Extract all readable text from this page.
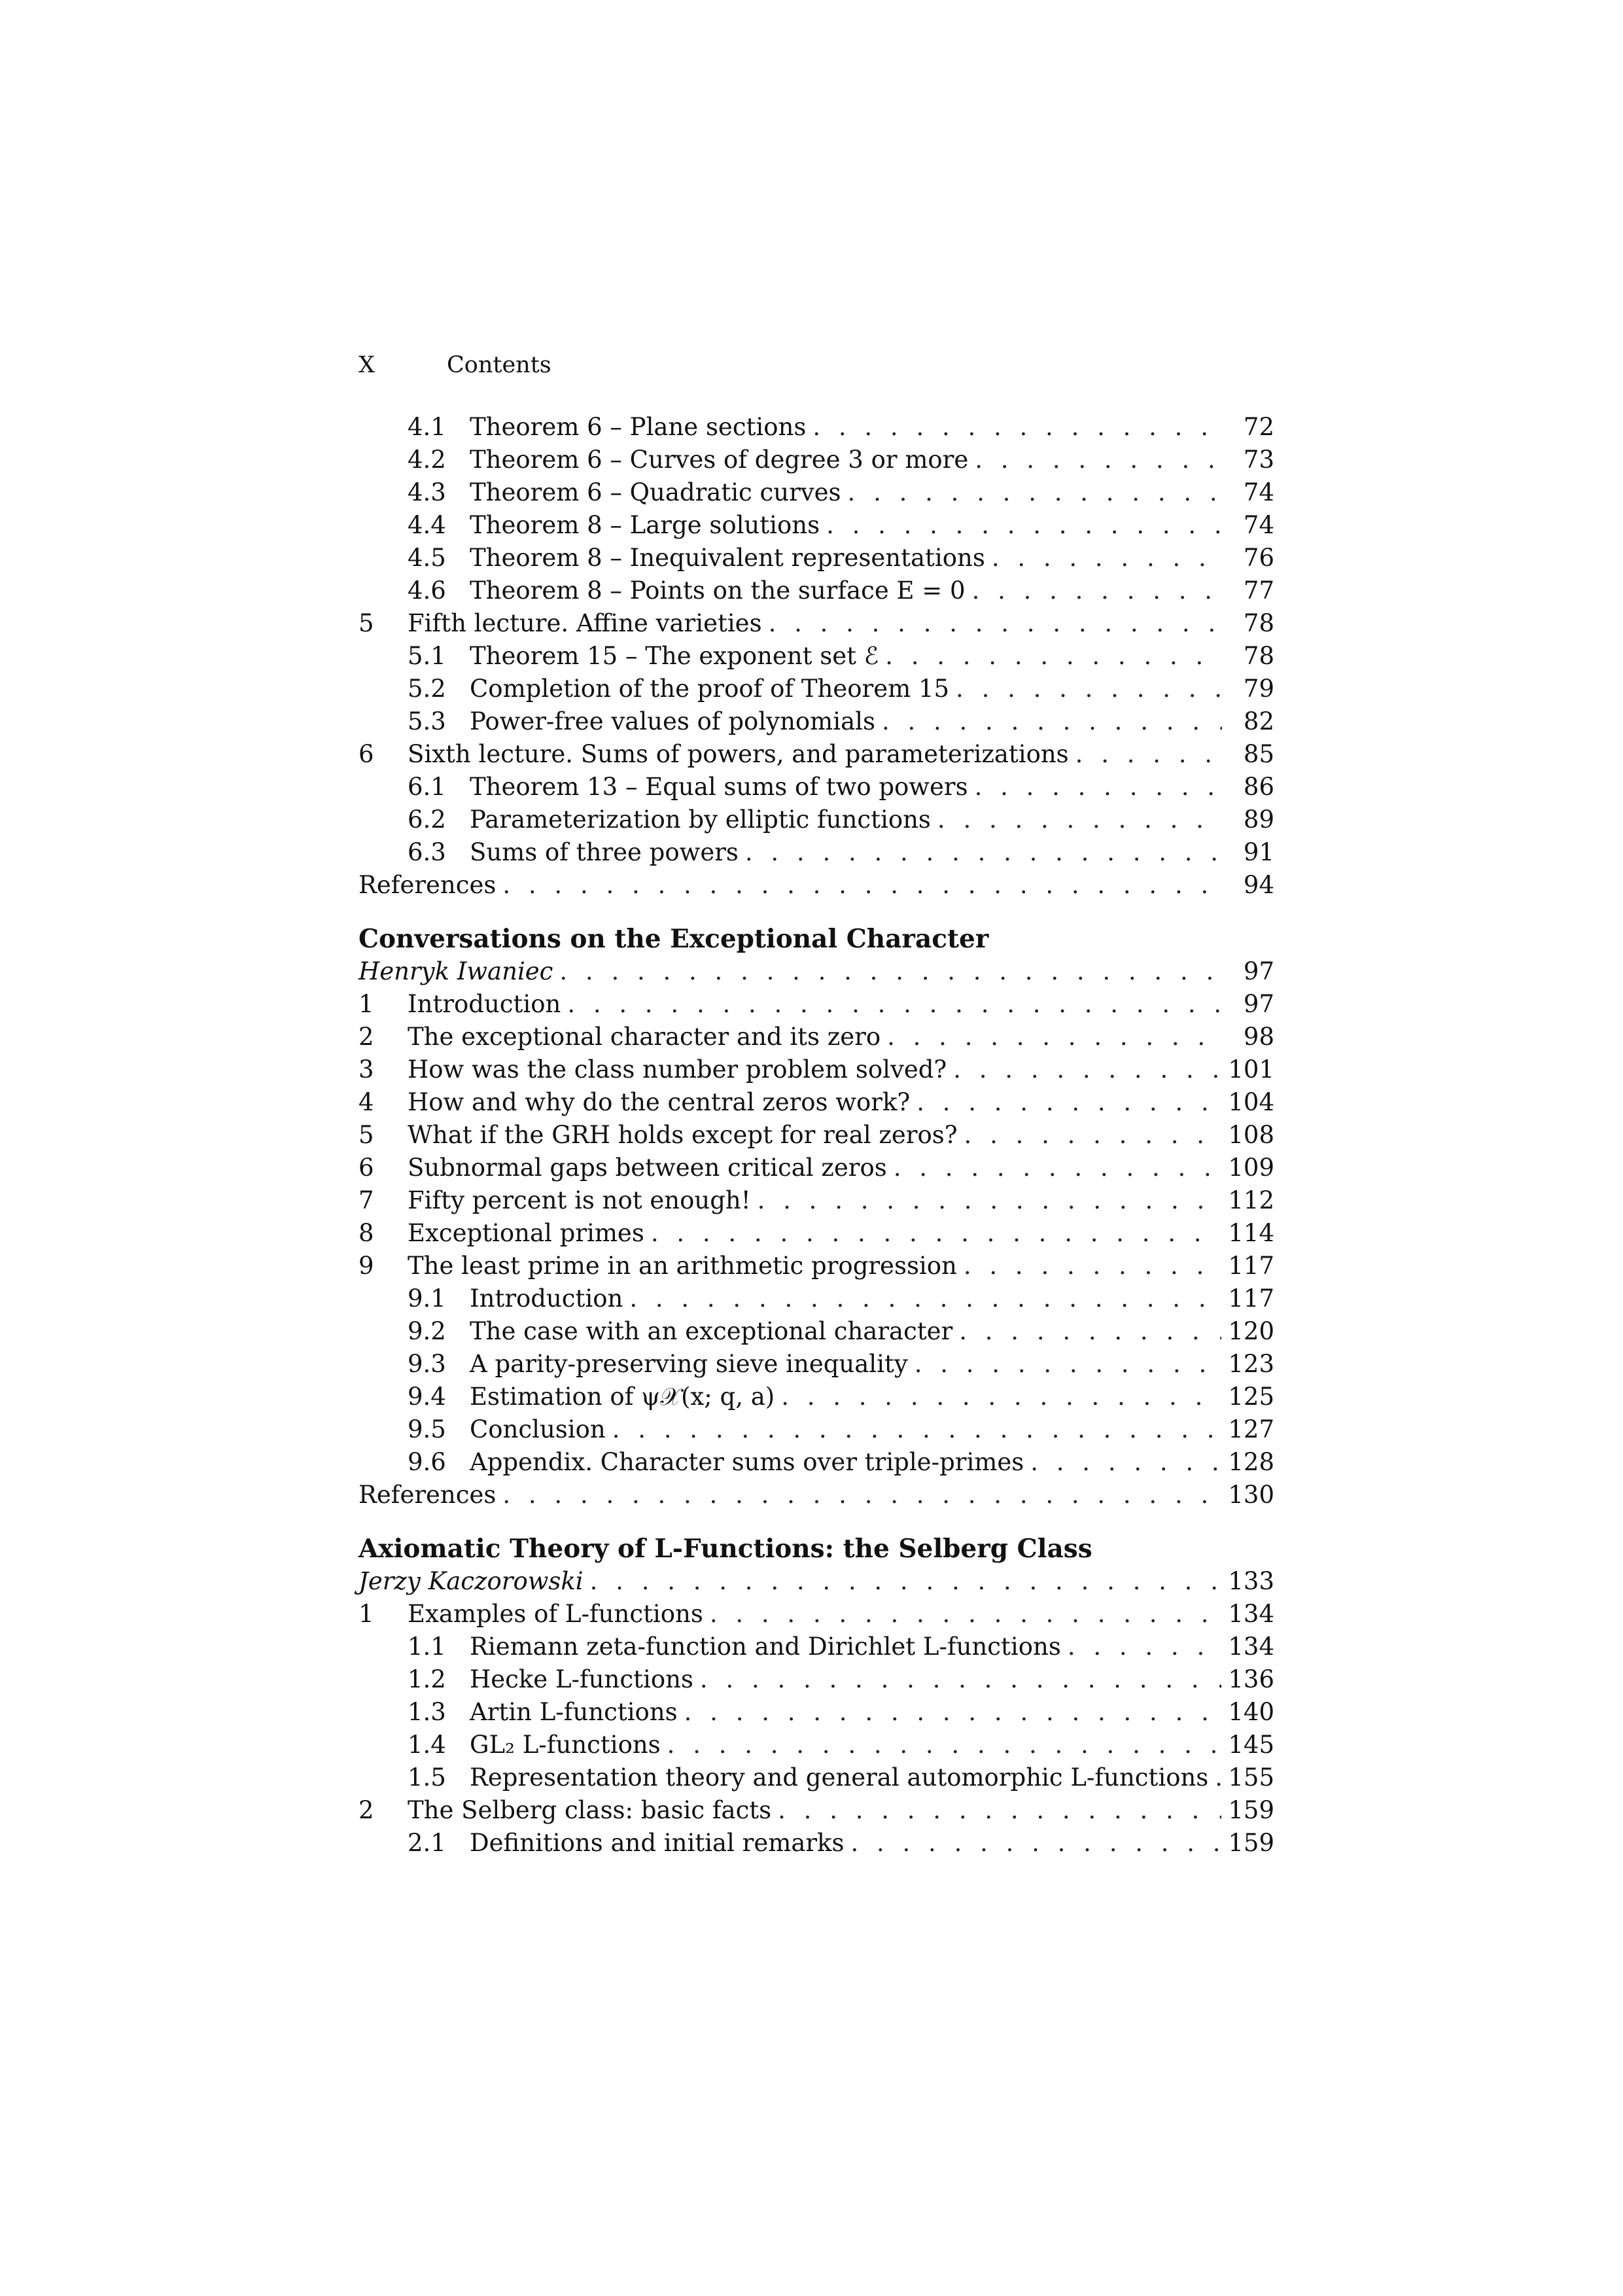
X	Contents
4.1 Theorem 6 – Plane sections . . .	72
4.2 Theorem 6 – Curves of degree 3 or more . . .	73
4.3 Theorem 6 – Quadratic curves . . .	74
4.4 Theorem 8 – Large solutions . . .	74
4.5 Theorem 8 – Inequivalent representations . . .	76
4.6 Theorem 8 – Points on the surface E = 0 . . .	77
5 Fifth lecture. Affine varieties . . .	78
5.1 Theorem 15 – The exponent set ℰ . . .	78
5.2 Completion of the proof of Theorem 15 . . .	79
5.3 Power-free values of polynomials . . .	82
6 Sixth lecture. Sums of powers, and parameterizations . . .	85
6.1 Theorem 13 – Equal sums of two powers . . .	86
6.2 Parameterization by elliptic functions . . .	89
6.3 Sums of three powers . . .	91
References . . .	94
Conversations on the Exceptional Character
Henryk Iwaniec . . .	97
1 Introduction . . .	97
2 The exceptional character and its zero . . .	98
3 How was the class number problem solved? . . .	101
4 How and why do the central zeros work? . . .	104
5 What if the GRH holds except for real zeros? . . .	108
6 Subnormal gaps between critical zeros . . .	109
7 Fifty percent is not enough! . . .	112
8 Exceptional primes . . .	114
9 The least prime in an arithmetic progression . . .	117
9.1 Introduction . . .	117
9.2 The case with an exceptional character . . .	120
9.3 A parity-preserving sieve inequality . . .	123
9.4 Estimation of ψ𝒳(x; q, a) . . .	125
9.5 Conclusion . . .	127
9.6 Appendix. Character sums over triple-primes . . .	128
References . . .	130
Axiomatic Theory of L-Functions: the Selberg Class
Jerzy Kaczorowski . . .	133
1 Examples of L-functions . . .	134
1.1 Riemann zeta-function and Dirichlet L-functions . . .	134
1.2 Hecke L-functions . . .	136
1.3 Artin L-functions . . .	140
1.4 GL₂ L-functions . . .	145
1.5 Representation theory and general automorphic L-functions . . . 155
2 The Selberg class: basic facts . . .	159
2.1 Definitions and initial remarks . . .	159
